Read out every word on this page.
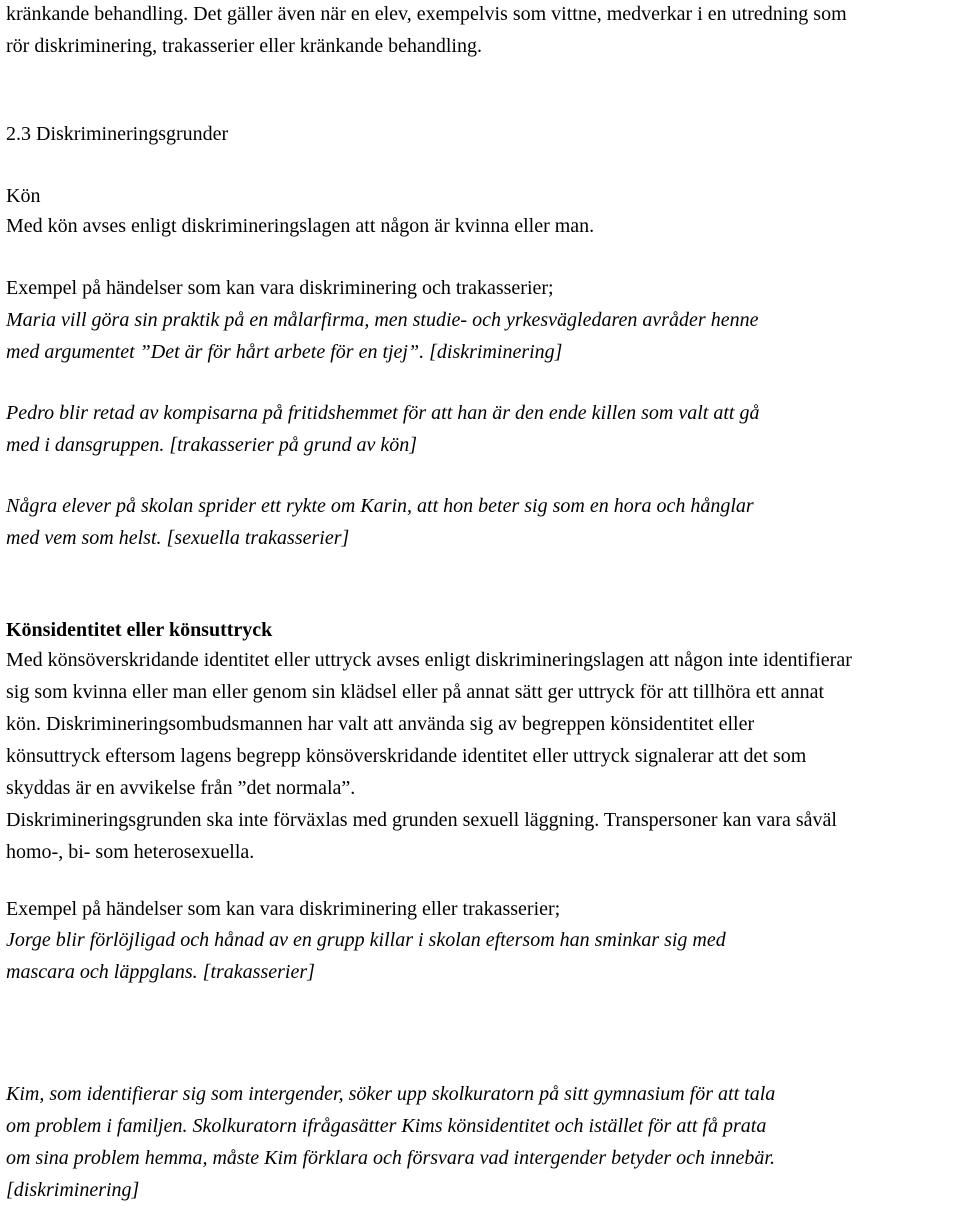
kränkande behandling. Det gäller även när en elev, exempelvis som vittne, medverkar i en utredning som
rör diskriminering, trakasserier eller kränkande behandling.

2.3 Diskrimineringsgrunder

Kön

Med kön avses enligt diskrimineringslagen att någon är kvinna eller man.

Exempel på händelser som kan vara diskriminering och trakasserier;

Maria vill göra sin praktik på en målarfirma, men studie- och yrkesvägledaren avråder henne
med argumentet ”Det är för hårt arbete för en tjej”. [diskriminering]

Pedro blir retad av kompisarna på fritidshemmet för att han är den ende killen som valt att gå
med i dansgruppen. [trakasserier på grund av kön]

Några elever på skolan sprider ett rykte om Karin, att hon beter sig som en hora och hånglar
med vem som helst. [sexuella trakasserier]

Könsidentitet eller könsuttryck

Med könsöverskridande identitet eller uttryck avses enligt diskrimineringslagen att någon inte identifierar
sig som kvinna eller man eller genom sin klädsel eller på annat sätt ger uttryck för att tillhöra ett annat
kön. Diskrimineringsombudsmannen har valt att använda sig av begreppen könsidentitet eller
könsuttryck eftersom lagens begrepp könsöverskridande identitet eller uttryck signalerar att det som
skyddas är en avvikelse från ”det normala”.
Diskrimineringsgrunden ska inte förväxlas med grunden sexuell läggning. Transpersoner kan vara såväl
homo-, bi- som heterosexuella.

Exempel på händelser som kan vara diskriminering eller trakasserier;

Jorge blir förlöjligad och hånad av en grupp killar i skolan eftersom han sminkar sig med
mascara och läppglans. [trakasserier]

Kim, som identifierar sig som intergender, söker upp skolkuratorn på sitt gymnasium för att tala
om problem i familjen. Skolkuratorn ifrågasätter Kims könsidentitet och istället för att få prata
om sina problem hemma, måste Kim förklara och försvara vad intergender betyder och innebär.
[diskriminering]
